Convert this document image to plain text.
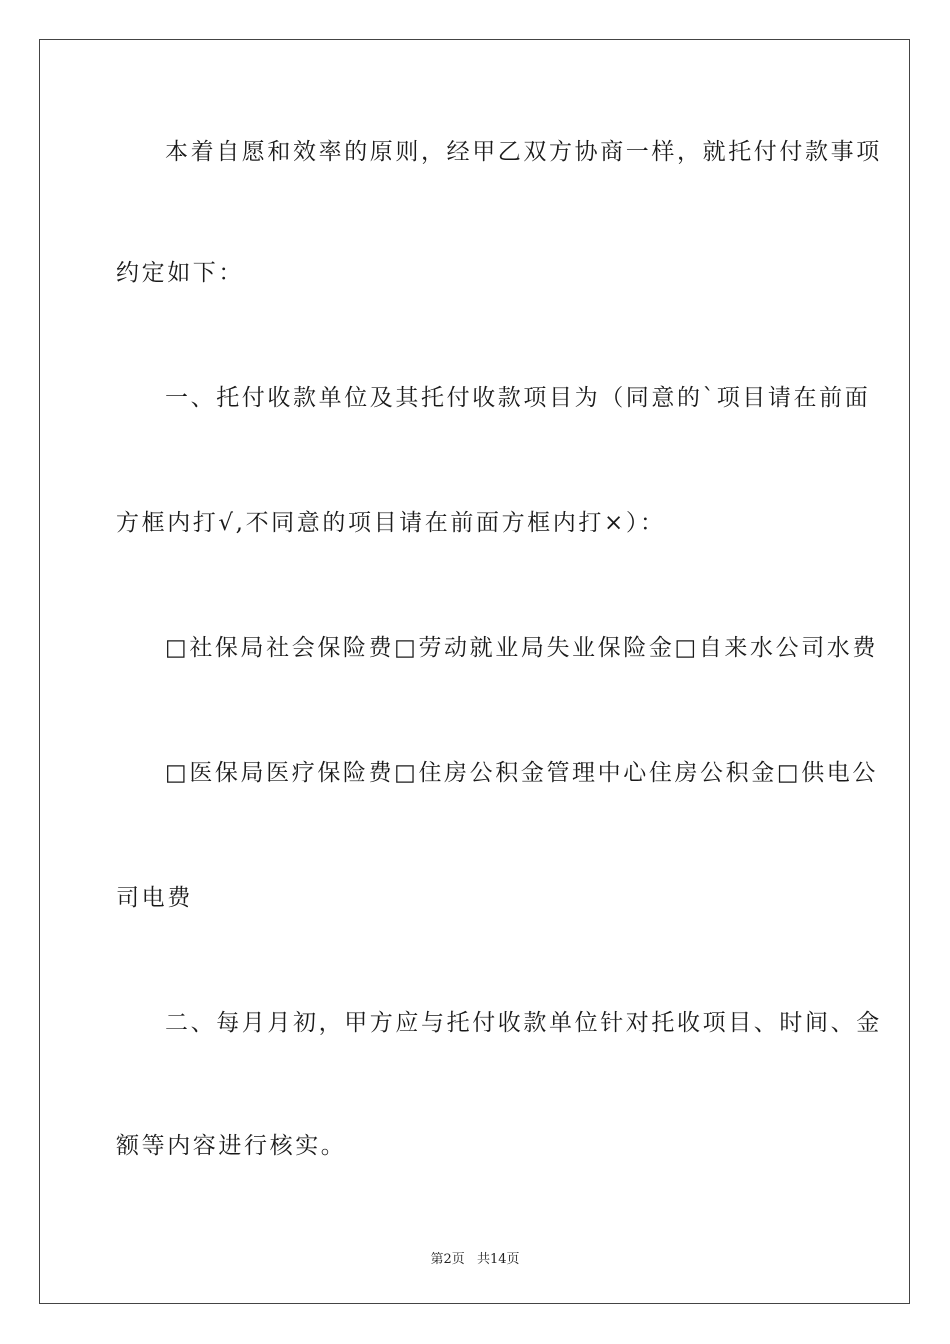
本着自愿和效率的原则，经甲乙双方协商一样，就托付付款事项
约定如下：
一、托付收款单位及其托付收款项目为（同意的`项目请在前面
方框内打√,不同意的项目请在前面方框内打×）：
□社保局社会保险费□劳动就业局失业保险金□自来水公司水费
□医保局医疗保险费□住房公积金管理中心住房公积金□供电公
司电费
二、每月月初，甲方应与托付收款单位针对托收项目、时间、金
额等内容进行核实。
第2页 共14页
